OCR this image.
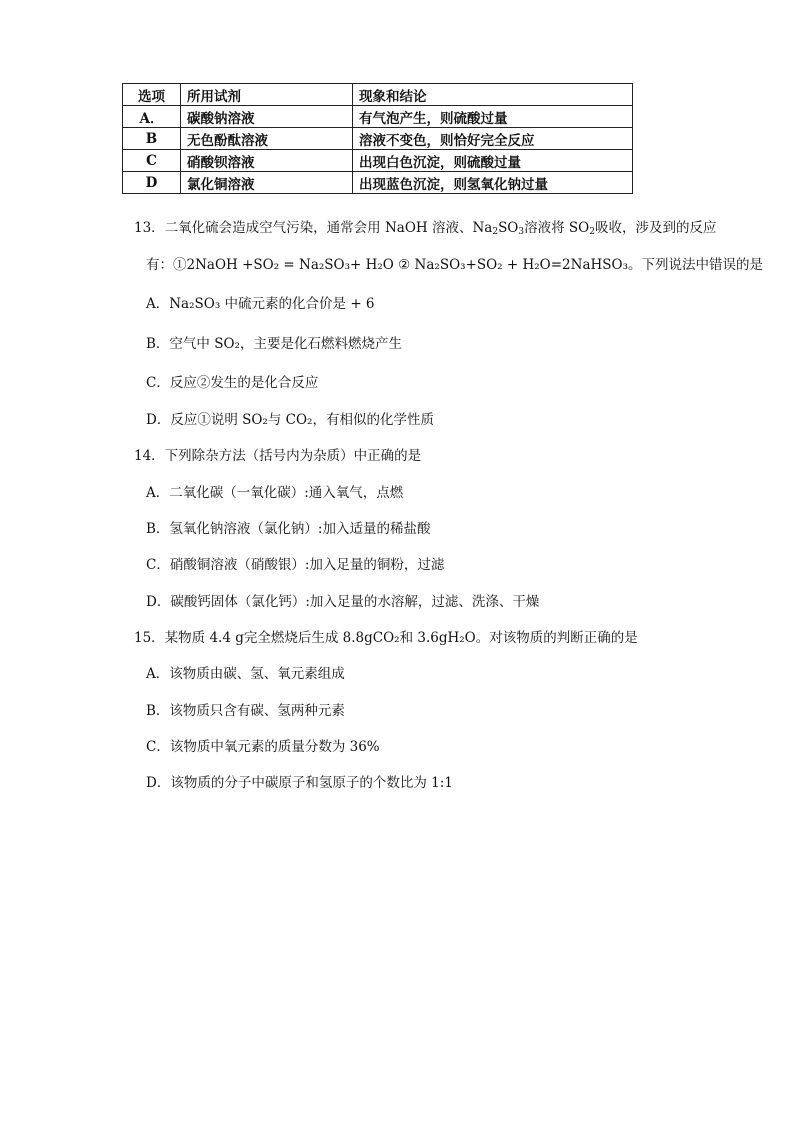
选项	所用试剂	现象和结论
A．	碳酸钠溶液	有气泡产生，则硫酸过量
B	无色酚酞溶液	溶液不变色，则恰好完全反应
C	硝酸钡溶液	出现白色沉淀，则硫酸过量
D	氯化铜溶液	出现蓝色沉淀，则氢氧化钠过量
13．二氧化硫会造成空气污染，通常会用 NaOH 溶液、$Na_2SO_3$溶液将 $SO_2$吸收，涉及到的反应
有：①2NaOH +SO₂ = Na₂SO₃+ H₂O ② Na₂SO₃+SO₂ + H₂O=2NaHSO₃。下列说法中错误的是
A．Na₂SO₃ 中硫元素的化合价是 + 6
B．空气中 SO₂，主要是化石燃料燃烧产生
C．反应②发生的是化合反应
D．反应①说明 SO₂与 CO₂，有相似的化学性质
14．下列除杂方法（括号内为杂质）中正确的是
A．二氧化碳（一氧化碳）:通入氧气，点燃
B．氢氧化钠溶液（氯化钠）:加入适量的稀盐酸
C．硝酸铜溶液（硝酸银）:加入足量的铜粉，过滤
D．碳酸钙固体（氯化钙）:加入足量的水溶解，过滤、洗涤、干燥
15．某物质 4.4 g完全燃烧后生成 8.8gCO₂和 3.6gH₂O。对该物质的判断正确的是
A．该物质由碳、氢、氧元素组成
B．该物质只含有碳、氢两种元素
C．该物质中氧元素的质量分数为 36%
D．该物质的分子中碳原子和氢原子的个数比为 1:1
